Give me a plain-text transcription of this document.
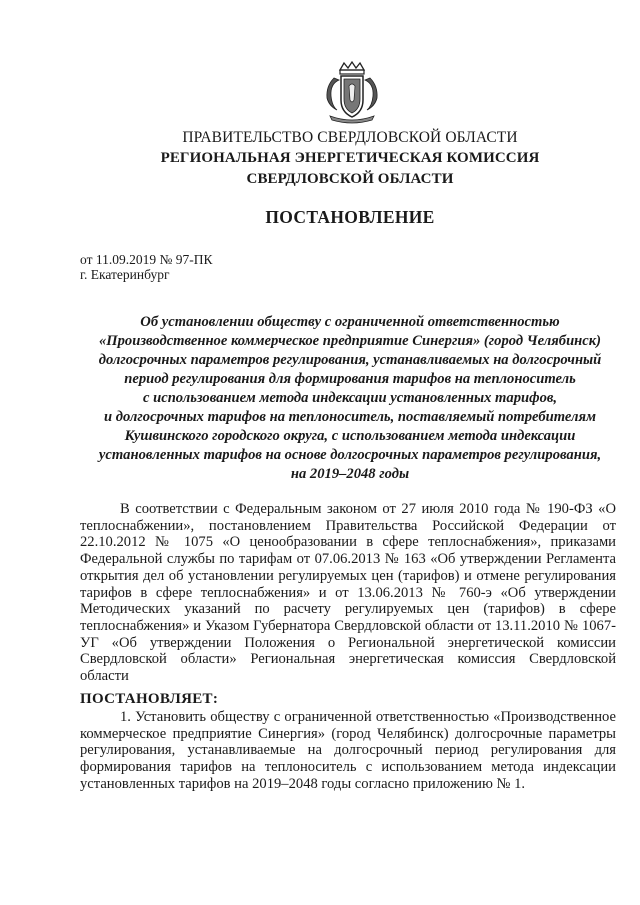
ПРАВИТЕЛЬСТВО СВЕРДЛОВСКОЙ ОБЛАСТИ
РЕГИОНАЛЬНАЯ ЭНЕРГЕТИЧЕСКАЯ КОМИССИЯ
СВЕРДЛОВСКОЙ ОБЛАСТИ
ПОСТАНОВЛЕНИЕ
от 11.09.2019 № 97-ПК
г. Екатеринбург
Об установлении обществу с ограниченной ответственностью
«Производственное коммерческое предприятие Синергия» (город Челябинск)
долгосрочных параметров регулирования, устанавливаемых на долгосрочный
период регулирования для формирования тарифов на теплоноситель
с использованием метода индексации установленных тарифов,
и долгосрочных тарифов на теплоноситель, поставляемый потребителям
Кушвинского городского округа, с использованием метода индексации
установленных тарифов на основе долгосрочных параметров регулирования,
на 2019–2048 годы
В соответствии с Федеральным законом от 27 июля 2010 года № 190-ФЗ «О теплоснабжении», постановлением Правительства Российской Федерации от 22.10.2012 № 1075 «О ценообразовании в сфере теплоснабжения», приказами Федеральной службы по тарифам от 07.06.2013 № 163 «Об утверждении Регламента открытия дел об установлении регулируемых цен (тарифов) и отмене регулирования тарифов в сфере теплоснабжения» и от 13.06.2013 № 760-э «Об утверждении Методических указаний по расчету регулируемых цен (тарифов) в сфере теплоснабжения» и Указом Губернатора Свердловской области от 13.11.2010 № 1067-УГ «Об утверждении Положения о Региональной энергетической комиссии Свердловской области» Региональная энергетическая комиссия Свердловской области
ПОСТАНОВЛЯЕТ:
1. Установить обществу с ограниченной ответственностью «Производственное коммерческое предприятие Синергия» (город Челябинск) долгосрочные параметры регулирования, устанавливаемые на долгосрочный период регулирования для формирования тарифов на теплоноситель с использованием метода индексации установленных тарифов на 2019–2048 годы согласно приложению № 1.
